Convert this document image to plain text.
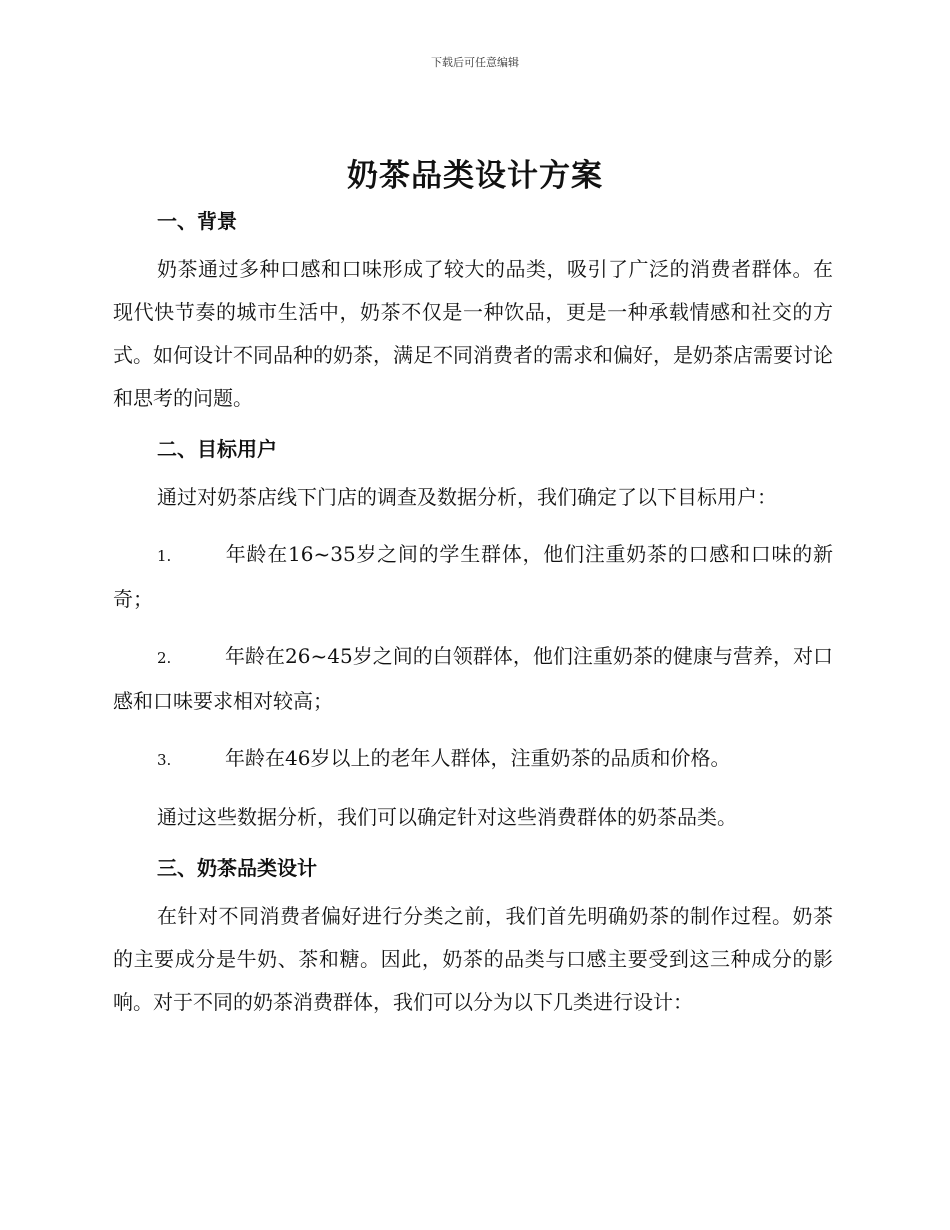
下载后可任意编辑
奶茶品类设计方案
一、背景

奶茶通过多种口感和口味形成了较大的品类，吸引了广泛的消费者群体。在现代快节奏的城市生活中，奶茶不仅是一种饮品，更是一种承载情感和社交的方式。如何设计不同品种的奶茶，满足不同消费者的需求和偏好，是奶茶店需要讨论和思考的问题。

二、目标用户

通过对奶茶店线下门店的调查及数据分析，我们确定了以下目标用户：

1.	年龄在16~35岁之间的学生群体，他们注重奶茶的口感和口味的新奇；
2.	年龄在26~45岁之间的白领群体，他们注重奶茶的健康与营养，对口感和口味要求相对较高；
3.	年龄在46岁以上的老年人群体，注重奶茶的品质和价格。

通过这些数据分析，我们可以确定针对这些消费群体的奶茶品类。

三、奶茶品类设计

在针对不同消费者偏好进行分类之前，我们首先明确奶茶的制作过程。奶茶的主要成分是牛奶、茶和糖。因此，奶茶的品类与口感主要受到这三种成分的影响。对于不同的奶茶消费群体，我们可以分为以下几类进行设计：
